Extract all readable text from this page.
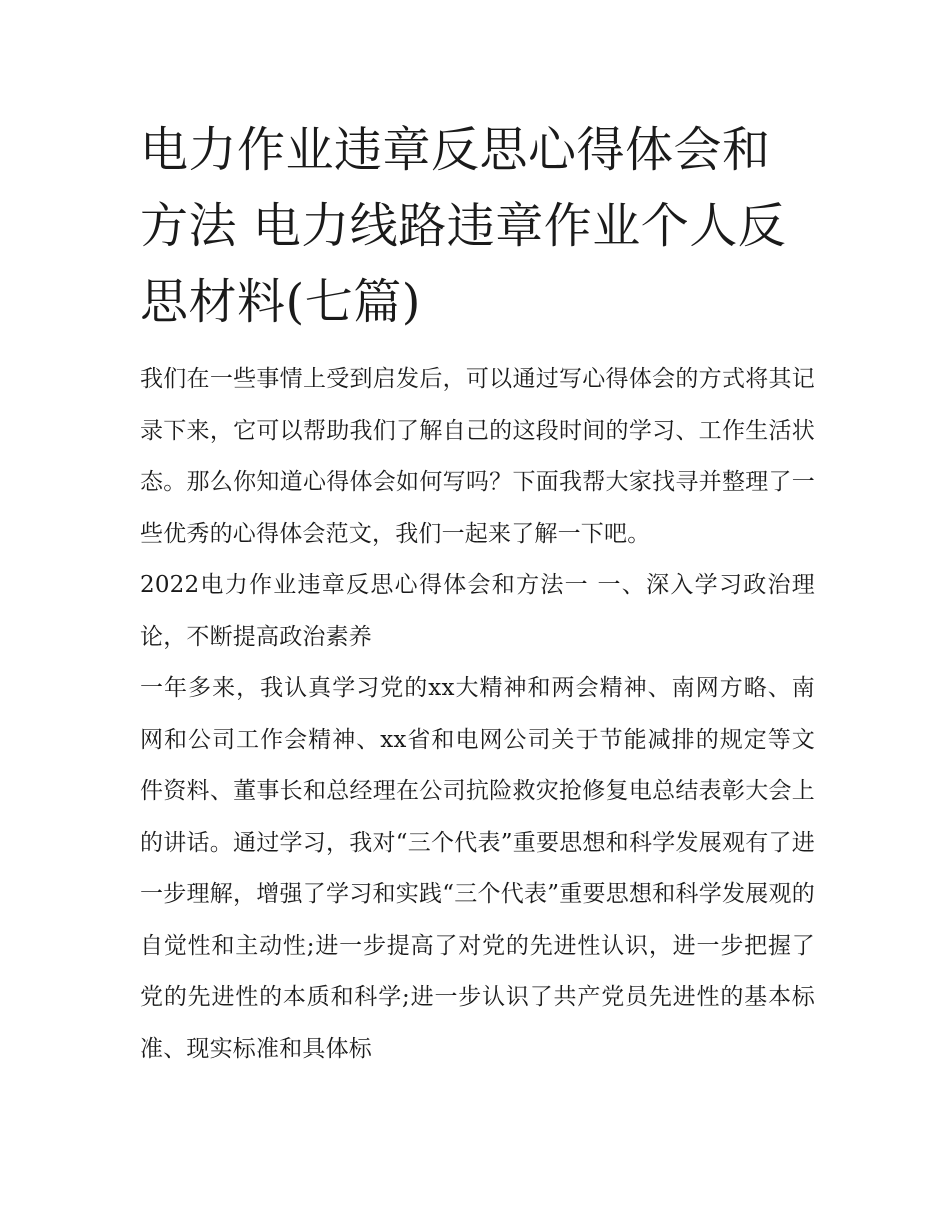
电力作业违章反思心得体会和方法 电力线路违章作业个人反思材料(七篇)

我们在一些事情上受到启发后，可以通过写心得体会的方式将其记录下来，它可以帮助我们了解自己的这段时间的学习、工作生活状态。那么你知道心得体会如何写吗？下面我帮大家找寻并整理了一些优秀的心得体会范文，我们一起来了解一下吧。

2022电力作业违章反思心得体会和方法一 一、深入学习政治理论，不断提高政治素养

一年多来，我认真学习党的xx大精神和两会精神、南网方略、南网和公司工作会精神、xx省和电网公司关于节能减排的规定等文件资料、董事长和总经理在公司抗险救灾抢修复电总结表彰大会上的讲话。通过学习，我对“三个代表”重要思想和科学发展观有了进一步理解，增强了学习和实践“三个代表”重要思想和科学发展观的自觉性和主动性;进一步提高了对党的先进性认识，进一步把握了党的先进性的本质和科学;进一步认识了共产党员先进性的基本标准、现实标准和具体标
